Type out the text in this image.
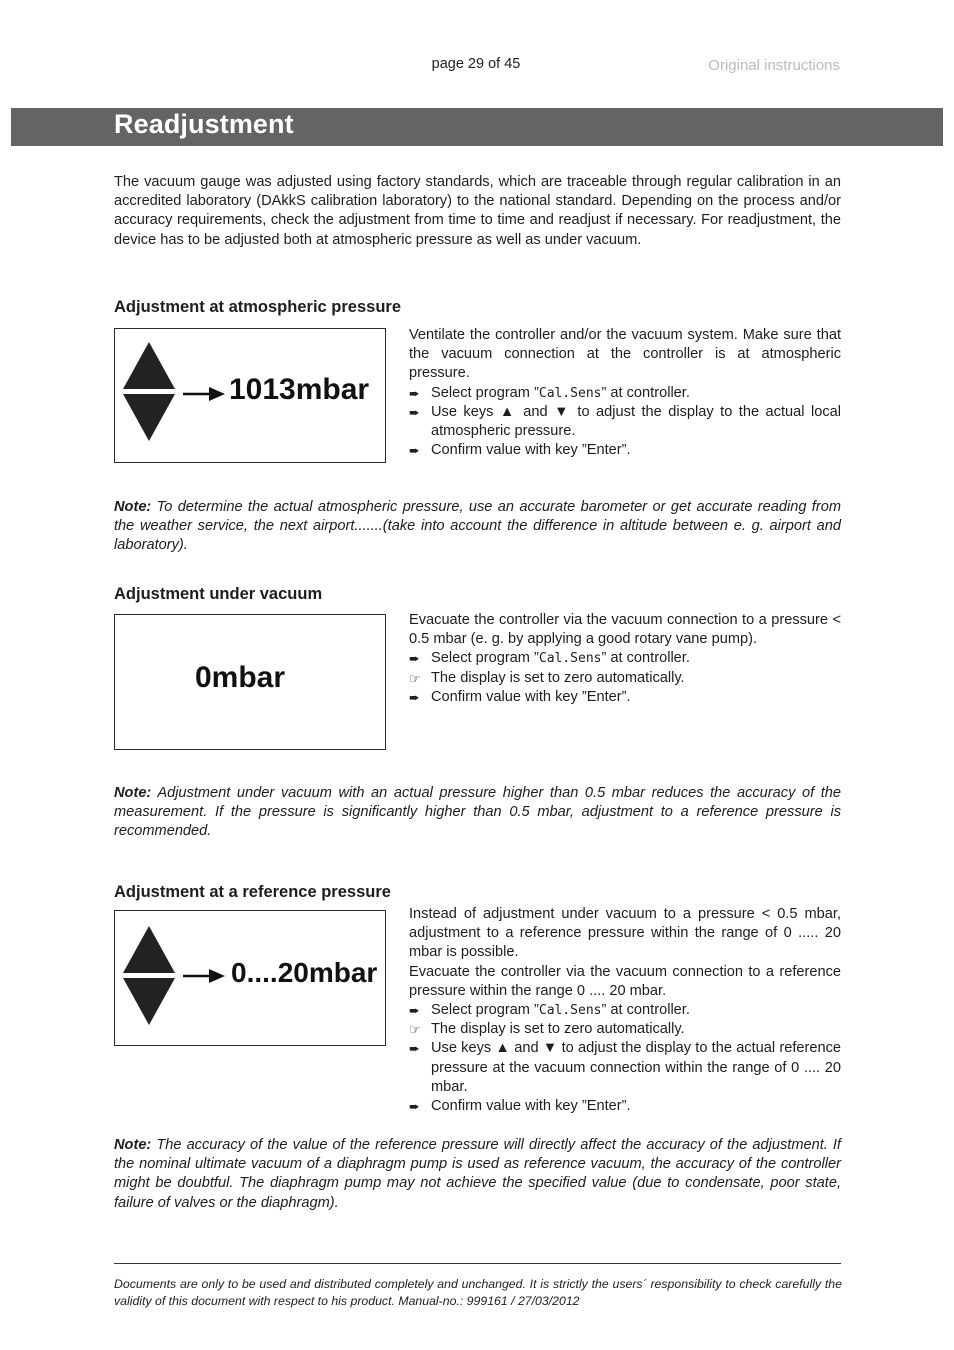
page 29 of 45	Original instructions
Readjustment
The vacuum gauge was adjusted using factory standards, which are traceable through regular calibration in an accredited laboratory (DAkkS calibration laboratory) to the national standard. Depending on the process and/or accuracy requirements, check the adjustment from time to time and readjust if necessary. For readjustment, the device has to be adjusted both at atmospheric pressure as well as under vacuum.
Adjustment at atmospheric pressure
1013mbar

Ventilate the controller and/or the vacuum system. Make sure that the vacuum connection at the controller is at atmospheric pressure.

➨ Select program ”Cal.Sens” at controller.
➨ Use keys ▲ and ▼ to adjust the display to the actual local atmospheric pressure.
➨ Confirm value with key ”Enter”.
Note: To determine the actual atmospheric pressure, use an accurate barometer or get accurate reading from the weather service, the next airport.......(take into account the difference in altitude between e. g. airport and laboratory).
Adjustment under vacuum
0mbar

Evacuate the controller via the vacuum connection to a pressure < 0.5 mbar (e. g. by applying a good rotary vane pump).

➨ Select program ”Cal.Sens” at controller.
☞ The display is set to zero automatically.
➨ Confirm value with key ”Enter”.
Note: Adjustment under vacuum with an actual pressure higher than 0.5 mbar reduces the accuracy of the measurement. If the pressure is significantly higher than 0.5 mbar, adjustment to a reference pressure is recommended.
Adjustment at a reference pressure
0....20mbar

Instead of adjustment under vacuum to a pressure < 0.5 mbar, adjustment to a reference pressure within the range of 0 ..... 20 mbar is possible.

Evacuate the controller via the vacuum connection to a reference pressure within the range 0 .... 20 mbar.

➨ Select program ”Cal.Sens” at controller.
☞ The display is set to zero automatically.
➨ Use keys ▲ and ▼ to adjust the display to the actual reference pressure at the vacuum connection within the range of 0 .... 20 mbar.
➨ Confirm value with key ”Enter”.
Note: The accuracy of the value of the reference pressure will directly affect the accuracy of the adjustment. If the nominal ultimate vacuum of a diaphragm pump is used as reference vacuum, the accuracy of the controller might be doubtful. The diaphragm pump may not achieve the specified value (due to condensate, poor state, failure of valves or the diaphragm).
Documents are only to be used and distributed completely and unchanged. It is strictly the users´ responsibility to check carefully the validity of this document with respect to his product. Manual-no.: 999161 / 27/03/2012
